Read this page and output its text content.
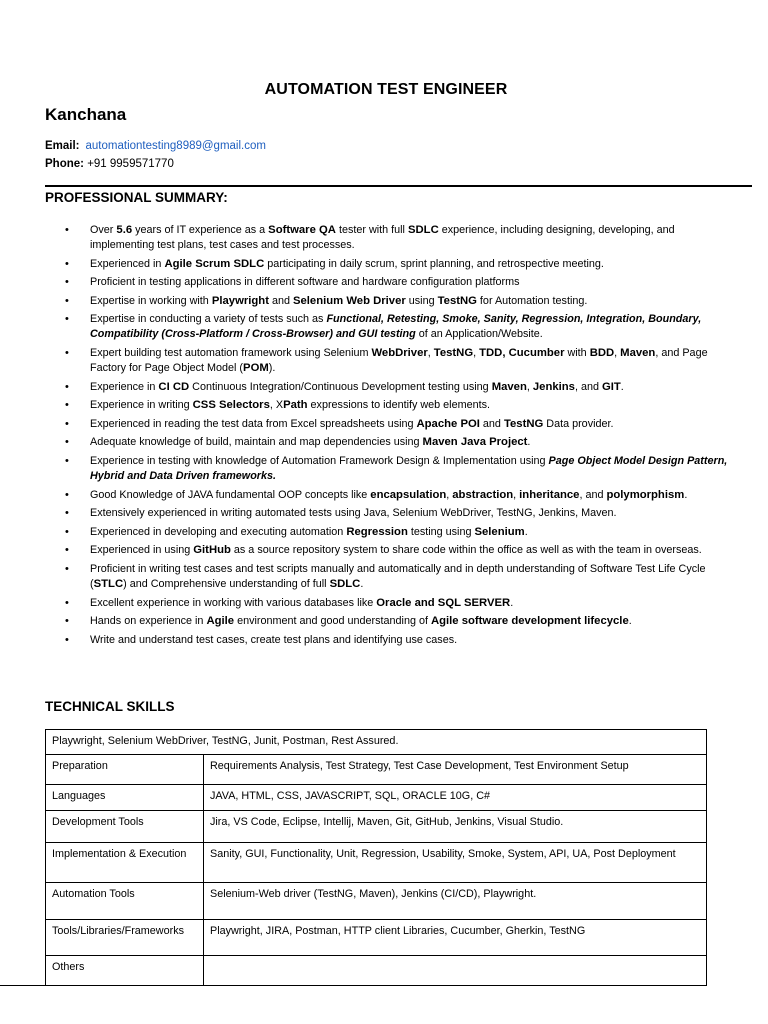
AUTOMATION TEST ENGINEER
Kanchana
Email: automationtesting8989@gmail.com
Phone: +91 9959571770
PROFESSIONAL SUMMARY:
• Over 5.6 years of IT experience as a Software QA tester with full SDLC experience, including designing, developing, and implementing test plans, test cases and test processes.
• Experienced in Agile Scrum SDLC participating in daily scrum, sprint planning, and retrospective meeting.
• Proficient in testing applications in different software and hardware configuration platforms
• Expertise in working with Playwright and Selenium Web Driver using TestNG for Automation testing.
• Expertise in conducting a variety of tests such as Functional, Retesting, Smoke, Sanity, Regression, Integration, Boundary, Compatibility (Cross-Platform / Cross-Browser) and GUI testing of an Application/Website.
• Expert building test automation framework using Selenium WebDriver, TestNG, TDD, Cucumber with BDD, Maven, and Page Factory for Page Object Model (POM).
• Experience in CI CD Continuous Integration/Continuous Development testing using Maven, Jenkins, and GIT.
• Experience in writing CSS Selectors, XPath expressions to identify web elements.
• Experienced in reading the test data from Excel spreadsheets using Apache POI and TestNG Data provider.
• Adequate knowledge of build, maintain and map dependencies using Maven Java Project.
• Experience in testing with knowledge of Automation Framework Design & Implementation using Page Object Model Design Pattern, Hybrid and Data Driven frameworks.
• Good Knowledge of JAVA fundamental OOP concepts like encapsulation, abstraction, inheritance, and polymorphism.
• Extensively experienced in writing automated tests using Java, Selenium WebDriver, TestNG, Jenkins, Maven.
• Experienced in developing and executing automation Regression testing using Selenium.
• Experienced in using GitHub as a source repository system to share code within the office as well as with the team in overseas.
• Proficient in writing test cases and test scripts manually and automatically and in depth understanding of Software Test Life Cycle (STLC) and Comprehensive understanding of full SDLC.
• Excellent experience in working with various databases like Oracle and SQL SERVER.
• Hands on experience in Agile environment and good understanding of Agile software development lifecycle.
• Write and understand test cases, create test plans and identifying use cases.
TECHNICAL SKILLS
Playwright, Selenium WebDriver, TestNG, Junit, Postman, Rest Assured.	
Preparation	Requirements Analysis, Test Strategy, Test Case Development, Test Environment Setup
Languages	JAVA, HTML, CSS, JAVASCRIPT, SQL, ORACLE 10G, C#
Development Tools	Jira, VS Code, Eclipse, Intellij, Maven, Git, GitHub, Jenkins, Visual Studio.
Implementation & Execution	Sanity, GUI, Functionality, Unit, Regression, Usability, Smoke, System, API, UA, Post Deployment
Automation Tools	Selenium-Web driver (TestNG, Maven), Jenkins (CI/CD), Playwright.
Tools/Libraries/Frameworks	Playwright, JIRA, Postman, HTTP client Libraries, Cucumber, Gherkin, TestNG
Others	
